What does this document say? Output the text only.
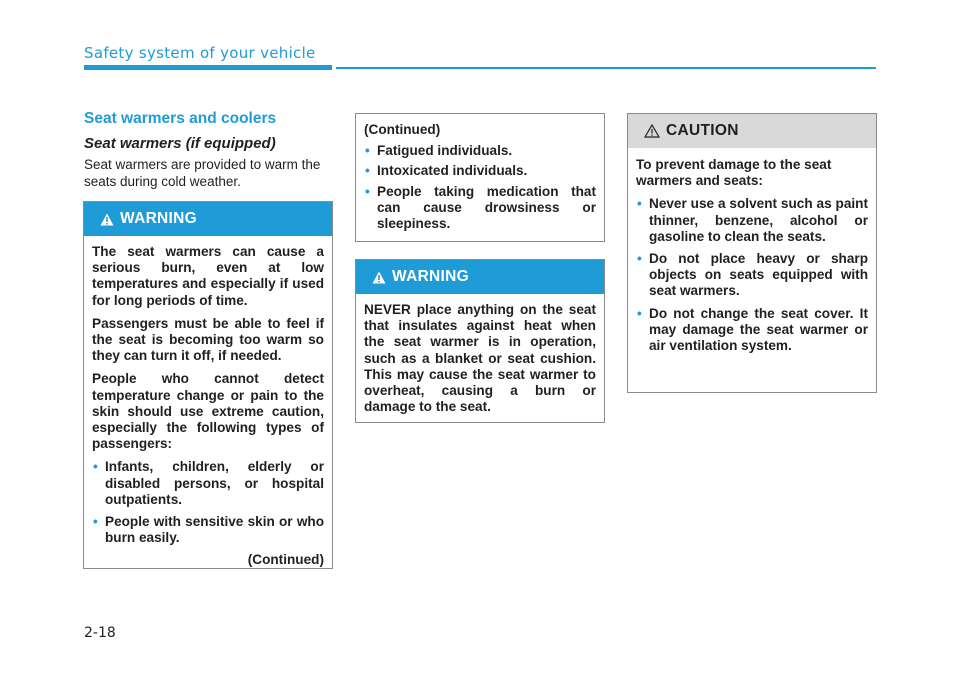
Safety system of your vehicle
Seat warmers and coolers
Seat warmers (if equipped)
Seat warmers are provided to warm the seats during cold weather.
WARNING

The seat warmers can cause a serious burn, even at low temperatures and especially if used for long periods of time.

Passengers must be able to feel if the seat is becoming too warm so they can turn it off, if needed.

People who cannot detect temperature change or pain to the skin should use extreme caution, especially the following types of passengers:

• Infants, children, elderly or disabled persons, or hospital outpatients.
• People with sensitive skin or who burn easily.
(Continued)

(Continued)

• Fatigued individuals.
• Intoxicated individuals.
• People taking medication that can cause drowsiness or sleepiness.
WARNING

NEVER place anything on the seat that insulates against heat when the seat warmer is in operation, such as a blanket or seat cushion. This may cause the seat warmer to overheat, causing a burn or damage to the seat.

CAUTION

To prevent damage to the seat warmers and seats:

• Never use a solvent such as paint thinner, benzene, alcohol or gasoline to clean the seats.
• Do not place heavy or sharp objects on seats equipped with seat warmers.
• Do not change the seat cover. It may damage the seat warmer or air ventilation system.
2-18
